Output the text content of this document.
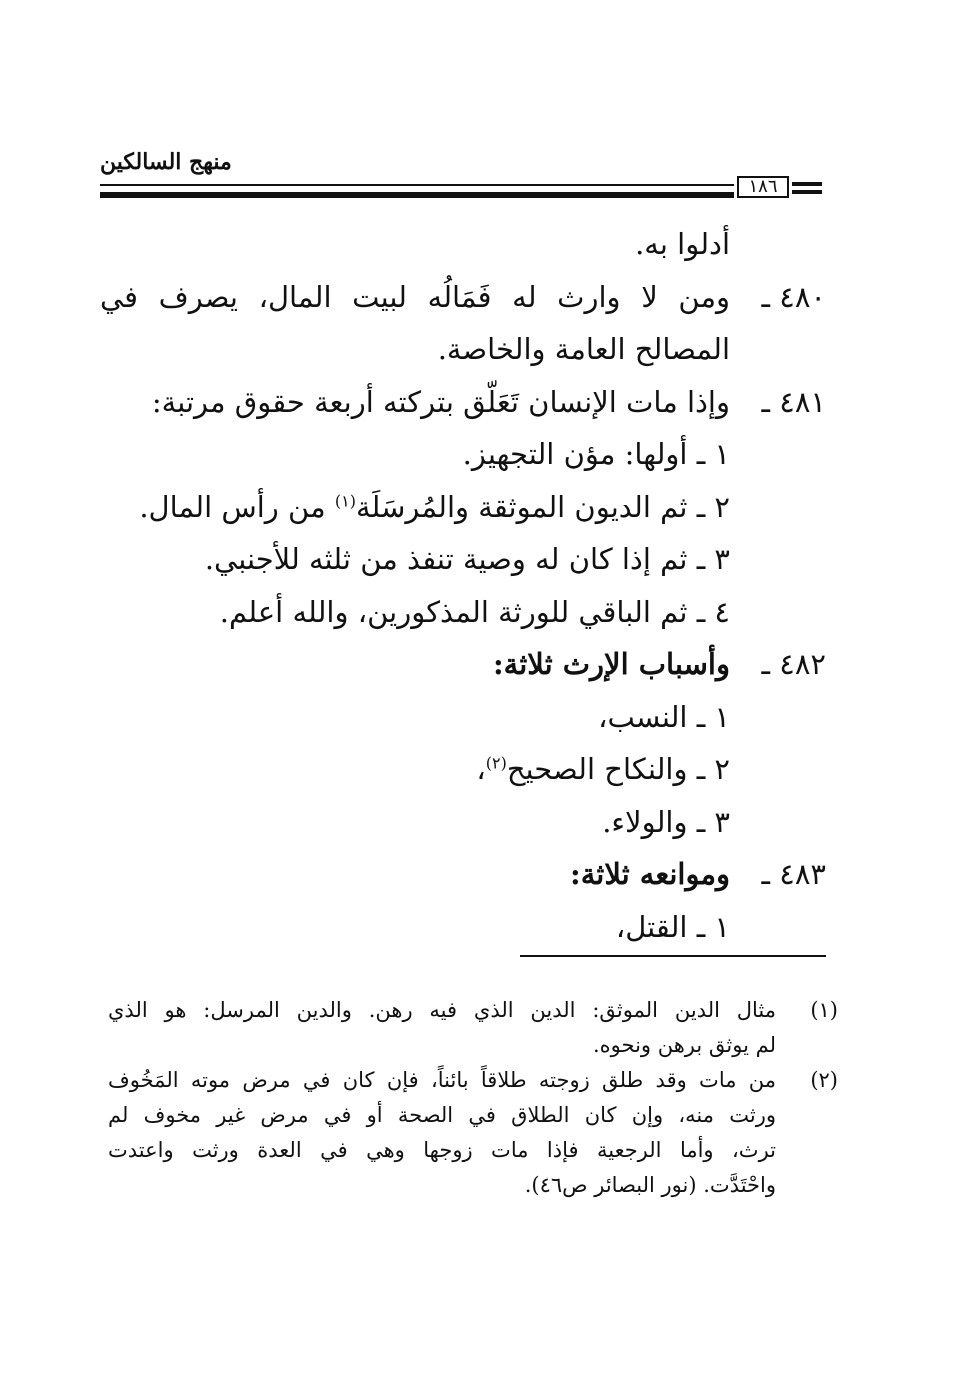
منهج السالكين
١٨٦
أدلوا به.
٤٨٠ ـ
ومن لا وارث له فَمَالُه لبيت المال، يصرف في
المصالح العامة والخاصة.
٤٨١ ـ
وإذا مات الإنسان تَعَلّق بتركته أربعة حقوق مرتبة:
١ ـ أولها: مؤن التجهيز.
٢ ـ ثم الديون الموثقة والمُرسَلَة$^{(١)}$ من رأس المال.
٣ ـ ثم إذا كان له وصية تنفذ من ثلثه للأجنبي.
٤ ـ ثم الباقي للورثة المذكورين، والله أعلم.
٤٨٢ ـ
وأسباب الإرث ثلاثة:
١ ـ النسب،
٢ ـ والنكاح الصحيح$^{(٢)}$،
٣ ـ والولاء.
٤٨٣ ـ
وموانعه ثلاثة:
١ ـ القتل،
(١)
مثال الدين الموثق: الدين الذي فيه رهن. والدين المرسل: هو الذي
لم يوثق برهن ونحوه.
(٢)
من مات وقد طلق زوجته طلاقاً بائناً، فإن كان في مرض موته المَخُوف
ورثت منه، وإن كان الطلاق في الصحة أو في مرض غير مخوف لم
ترث، وأما الرجعية فإذا مات زوجها وهي في العدة ورثت واعتدت
واحْتَدَّت. (نور البصائر ص٤٦).
